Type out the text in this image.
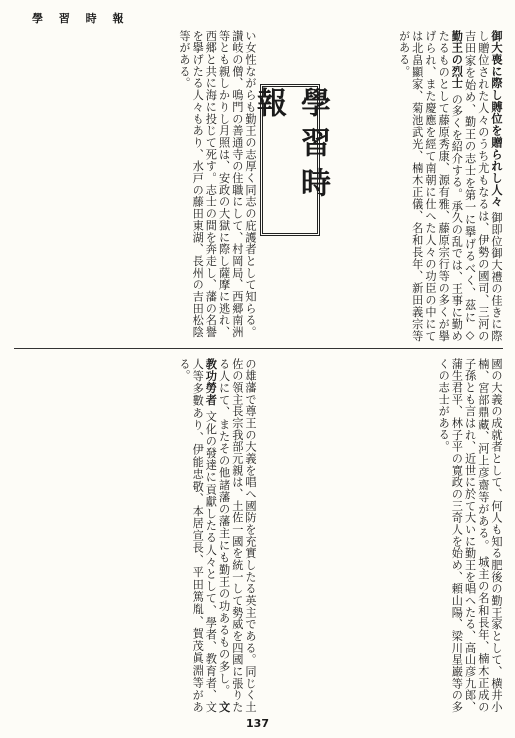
學 習 時 報
學習時報	御大喪に際し賻位を贈られし人々 御即位御大禮の佳きに際し贈位された人々のうち尤もなるは、伊勢の國司、三河の吉田家を始め、勤王の志士を第一に擧げるべく、茲に ◇勤王の烈士 の多くを紹介する。承久の乱では、王事に勤めたるものとして藤原秀康、源有雅、藤原宗行等の多くが擧げられ、また慶應を經て南朝に仕へた人々の功臣の中にては北畠顯家、菊池武光、楠木正儀、名和長年、新田義宗等がある。
い女性ながらも勤王の志厚く同志の庇護者として知らる。讃岐の僧、鳴門の善通寺の住職にして、村岡局、西郷南洲等とも親しかりし月照は、安政の大獄に際し薩摩に逃れ、西郷と共に海に投じて死す。志士の間を奔走し、藩の名譽を擧げたる人々もあり、水戸の藤田東湖、長州の吉田松陰等がある。
國の大義の成就者として、何人も知る肥後の勤王家として、横井小楠、宮部鼎藏、河上彦齋等がある。 城主の名和長年、楠木正成の子孫とも言はれ、近世に於て大いに勤王を唱へたる、高山彦九郎、蒲生君平、林子平の寛政の三奇人を始め、頼山陽、梁川星巌等の多くの志士がある。
の雄藩で尊王の大義を唱へ國防を充實したる英主である。同じく土佐の領主長宗我部元親は、土佐一國を統一して勢威を四國に張りたる人にて、またその他諸藩の藩主にも勤王の功あるもの多し。 文教功勞者 文化の發達に貢獻したる人々として、學者、教育者、文人等多數あり、伊能忠敬、本居宣長、平田篤胤、賀茂眞淵等がある。
137
